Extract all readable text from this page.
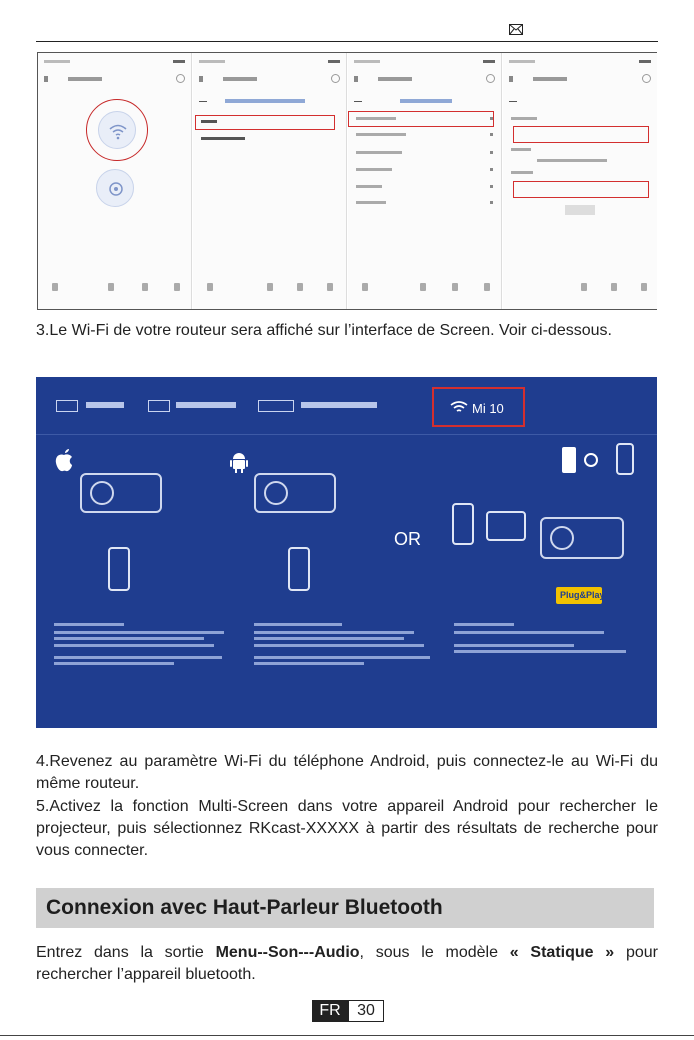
3.Le Wi-Fi de votre routeur sera affiché sur l’interface de Screen. Voir ci-dessous.

Mi 10
OR
Plug&Play

4.Revenez au paramètre Wi-Fi du téléphone Android, puis connectez-le au Wi-Fi du même routeur.

5.Activez la fonction Multi-Screen dans votre appareil Android pour rechercher le projecteur, puis sélectionnez RKcast-XXXXX à partir des résultats de recherche pour vous connecter.

Connexion avec Haut-Parleur Bluetooth

Entrez dans la sortie Menu--Son---Audio, sous le modèle « Statique » pour rechercher l’appareil bluetooth.

FR	30
